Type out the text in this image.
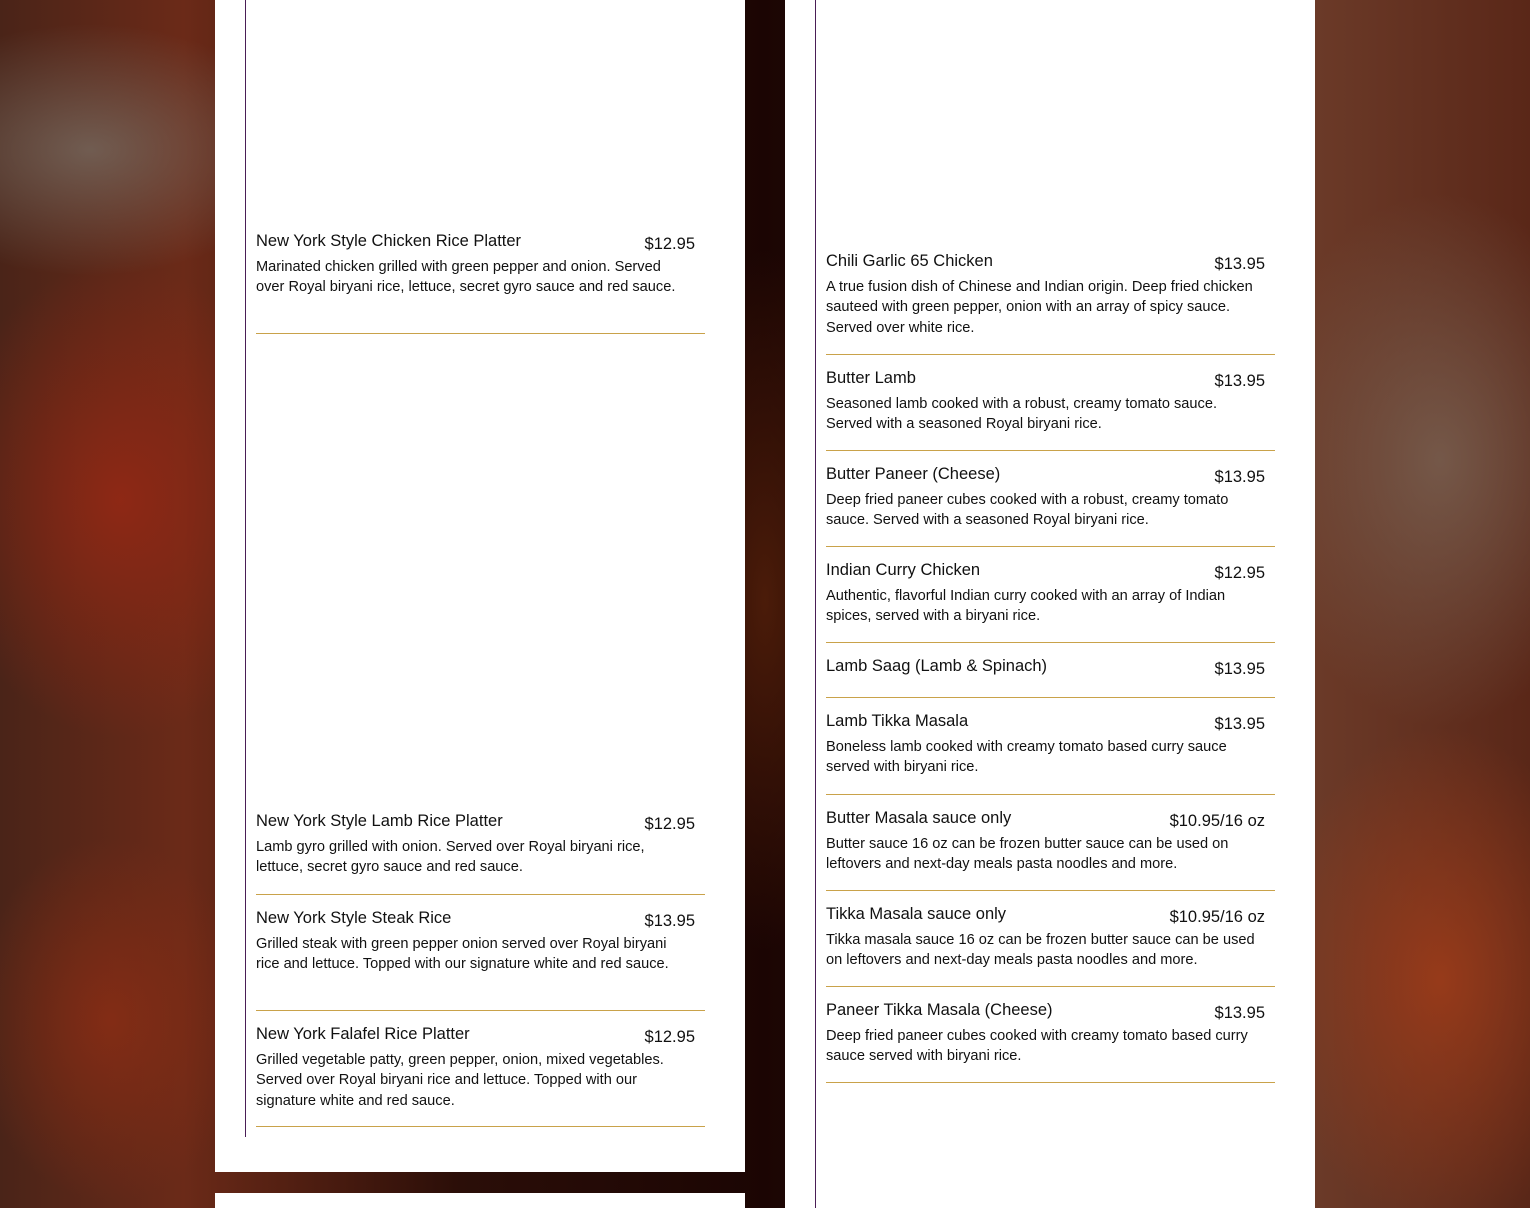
New York Style Chicken Rice Platter	$12.95
Marinated chicken grilled with green pepper and onion. Served over Royal biryani rice, lettuce, secret gyro sauce and red sauce.
New York Style Lamb Rice Platter	$12.95
Lamb gyro grilled with onion. Served over Royal biryani rice, lettuce, secret gyro sauce and red sauce.
New York Style Steak Rice	$13.95
Grilled steak with green pepper onion served over Royal biryani rice and lettuce. Topped with our signature white and red sauce.
New York Falafel Rice Platter	$12.95
Grilled vegetable patty, green pepper, onion, mixed vegetables. Served over Royal biryani rice and lettuce. Topped with our signature white and red sauce.
Chili Garlic 65 Chicken	$13.95
A true fusion dish of Chinese and Indian origin. Deep fried chicken sauteed with green pepper, onion with an array of spicy sauce. Served over white rice.
Butter Lamb	$13.95
Seasoned lamb cooked with a robust, creamy tomato sauce. Served with a seasoned Royal biryani rice.
Butter Paneer (Cheese)	$13.95
Deep fried paneer cubes cooked with a robust, creamy tomato sauce. Served with a seasoned Royal biryani rice.
Indian Curry Chicken	$12.95
Authentic, flavorful Indian curry cooked with an array of Indian spices, served with a biryani rice.
Lamb Saag (Lamb & Spinach)	$13.95
Lamb Tikka Masala	$13.95
Boneless lamb cooked with creamy tomato based curry sauce served with biryani rice.
Butter Masala sauce only	$10.95/16 oz
Butter sauce 16 oz can be frozen butter sauce can be used on leftovers and next-day meals pasta noodles and more.
Tikka Masala sauce only	$10.95/16 oz
Tikka masala sauce 16 oz can be frozen butter sauce can be used on leftovers and next-day meals pasta noodles and more.
Paneer Tikka Masala (Cheese)	$13.95
Deep fried paneer cubes cooked with creamy tomato based curry sauce served with biryani rice.
